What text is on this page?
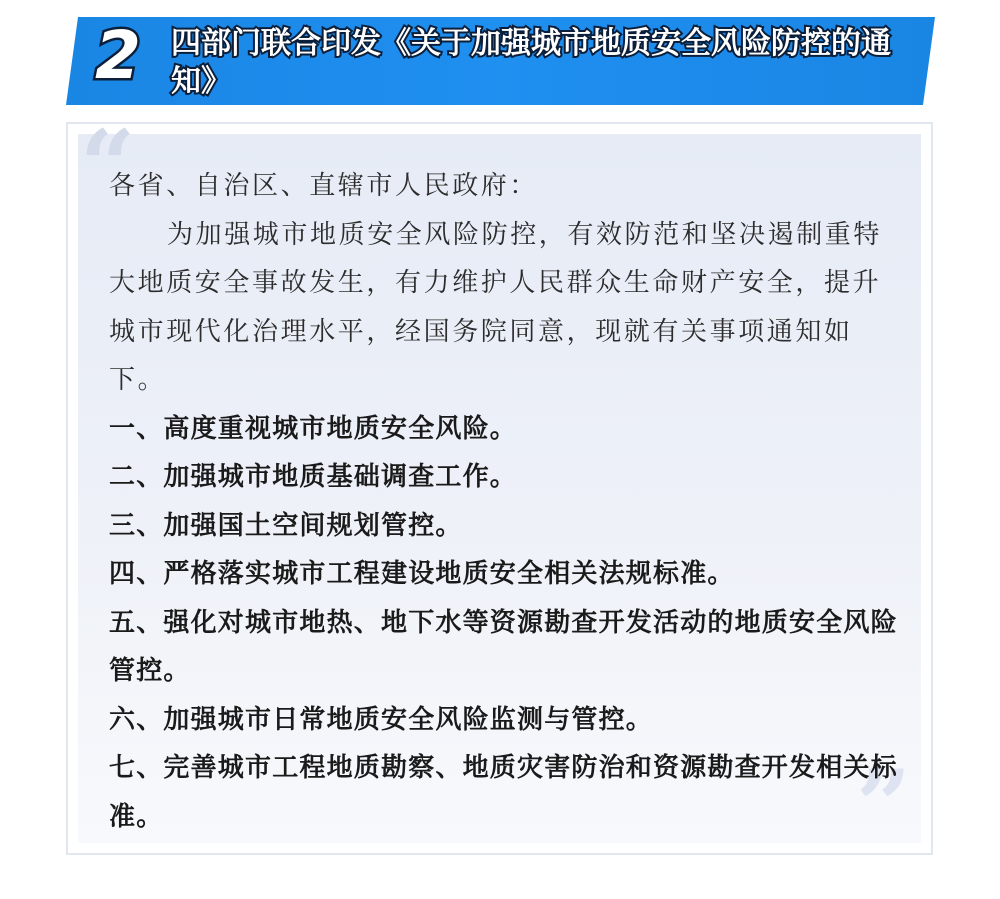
2 四部门联合印发《关于加强城市地质安全风险防控的通知》
“
”

各省、自治区、直辖市人民政府：

为加强城市地质安全风险防控，有效防范和坚决遏制重特大地质安全事故发生，有力维护人民群众生命财产安全，提升城市现代化治理水平，经国务院同意，现就有关事项通知如下。

一、高度重视城市地质安全风险。

二、加强城市地质基础调查工作。

三、加强国土空间规划管控。

四、严格落实城市工程建设地质安全相关法规标准。

五、强化对城市地热、地下水等资源勘查开发活动的地质安全风险管控。

六、加强城市日常地质安全风险监测与管控。

七、完善城市工程地质勘察、地质灾害防治和资源勘查开发相关标准。
